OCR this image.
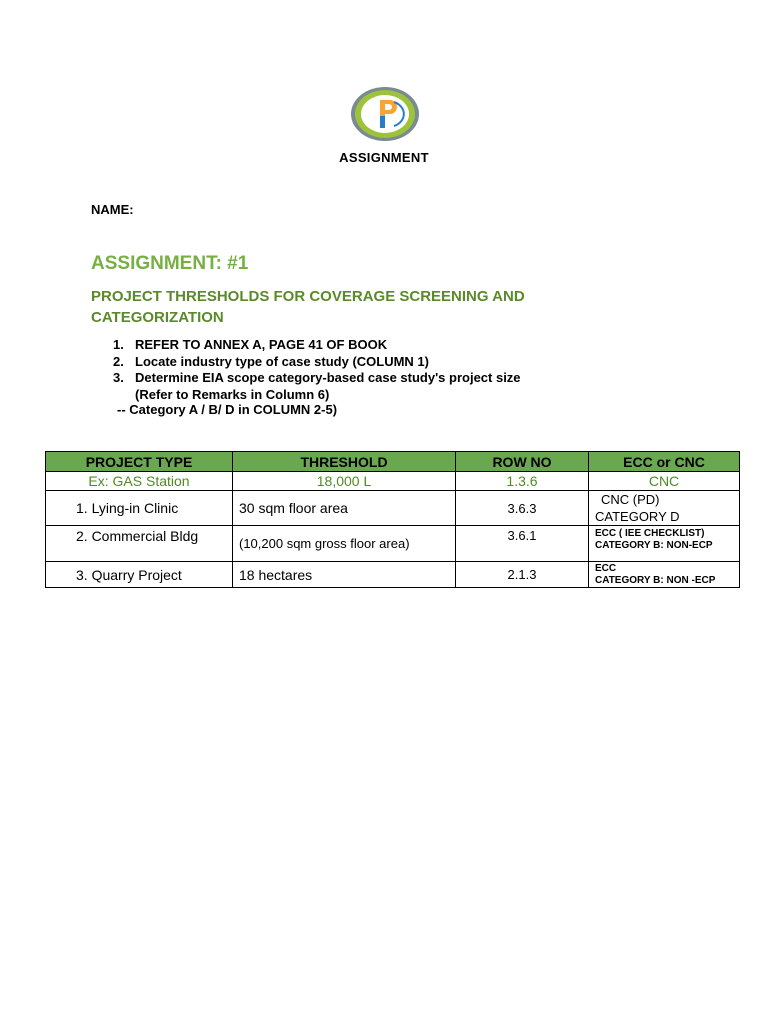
ASSIGNMENT
NAME:
ASSIGNMENT: #1
PROJECT THRESHOLDS FOR COVERAGE SCREENING AND CATEGORIZATION
1. REFER TO ANNEX A, PAGE 41 OF BOOK
2. Locate industry type of case study (COLUMN 1)
3. Determine EIA scope category-based case study's project size
(Refer to Remarks in Column 6)
-- Category A / B/ D in COLUMN 2-5)
PROJECT TYPE	THRESHOLD	ROW NO	ECC or CNC
Ex: GAS Station	18,000 L	1.3.6	CNC
1. Lying-in Clinic	30 sqm floor area	3.6.3	CNC (PD)
CATEGORY D

2. Commercial Bldg	(10,200 sqm gross floor area)	3.6.1	ECC ( IEE CHECKLIST)
CATEGORY B: NON-ECP

3. Quarry Project	18 hectares	2.1.3	ECC
CATEGORY B: NON -ECP
